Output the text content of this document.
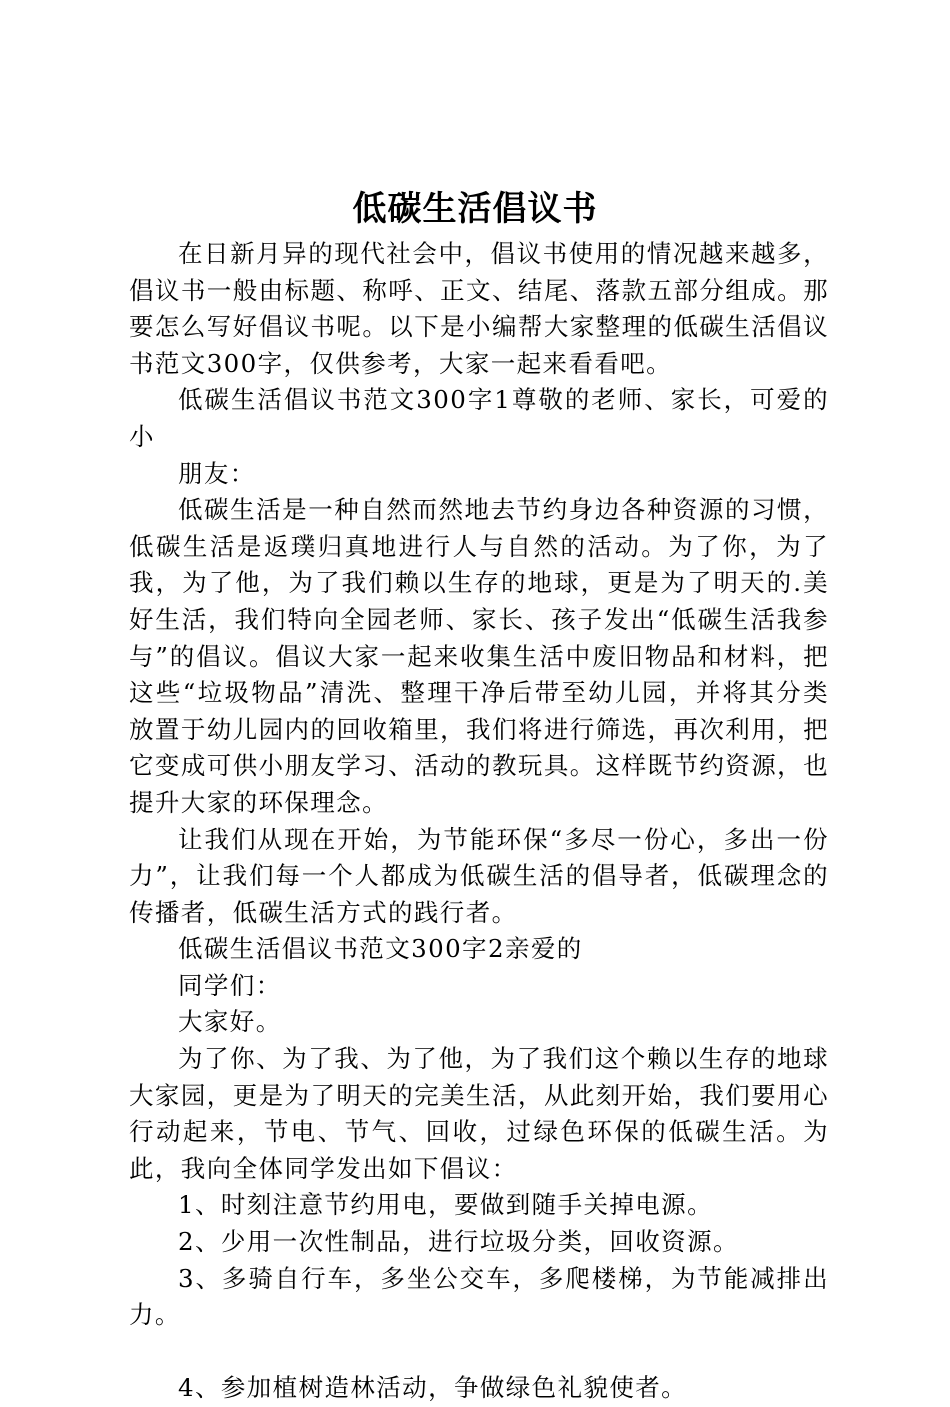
低碳生活倡议书

在日新月异的现代社会中，倡议书使用的情况越来越多，倡议书一般由标题、称呼、正文、结尾、落款五部分组成。那要怎么写好倡议书呢。以下是小编帮大家整理的低碳生活倡议书范文300字，仅供参考，大家一起来看看吧。

低碳生活倡议书范文300字1尊敬的老师、家长，可爱的小

朋友：

低碳生活是一种自然而然地去节约身边各种资源的习惯，低碳生活是返璞归真地进行人与自然的活动。为了你，为了我，为了他，为了我们赖以生存的地球，更是为了明天的.美好生活，我们特向全园老师、家长、孩子发出“低碳生活我参与”的倡议。倡议大家一起来收集生活中废旧物品和材料，把这些“垃圾物品”清洗、整理干净后带至幼儿园，并将其分类放置于幼儿园内的回收箱里，我们将进行筛选，再次利用，把它变成可供小朋友学习、活动的教玩具。这样既节约资源，也提升大家的环保理念。

让我们从现在开始，为节能环保“多尽一份心，多出一份力”，让我们每一个人都成为低碳生活的倡导者，低碳理念的传播者，低碳生活方式的践行者。

低碳生活倡议书范文300字2亲爱的

同学们：

大家好。

为了你、为了我、为了他，为了我们这个赖以生存的地球大家园，更是为了明天的完美生活，从此刻开始，我们要用心行动起来，节电、节气、回收，过绿色环保的低碳生活。为此，我向全体同学发出如下倡议：

1、时刻注意节约用电，要做到随手关掉电源。

2、少用一次性制品，进行垃圾分类，回收资源。

3、多骑自行车，多坐公交车，多爬楼梯，为节能减排出力。

4、参加植树造林活动，争做绿色礼貌使者。
